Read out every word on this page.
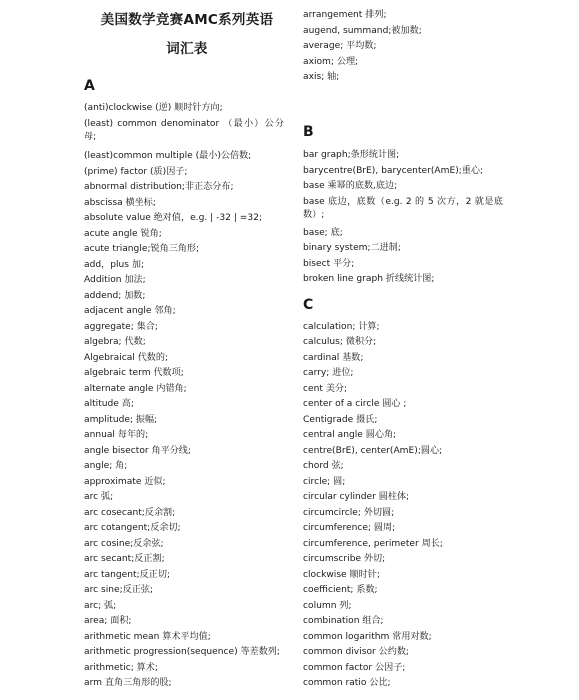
美国数学竞赛AMC系列英语
词汇表
A
(anti)clockwise (逆) 顺时针方向;
(least) common denominator （最小）公分母;
(least)common multiple (最小)公倍数;
(prime) factor (质)因子;
abnormal distribution;非正态分布;
abscissa 横坐标;
absolute value 绝对值，e.g. | -32 | =32;
acute angle 锐角;
acute triangle;锐角三角形;
add，plus 加;
Addition 加法;
addend; 加数;
adjacent angle 邻角;
aggregate; 集合;
algebra; 代数;
Algebraical 代数的;
algebraic term 代数项;
alternate angle 内错角;
altitude 高;
amplitude; 振幅;
annual 每年的;
angle bisector 角平分线;
angle; 角;
approximate 近似;
arc 弧;
arc cosecant;反余割;
arc cotangent;反余切;
arc cosine;反余弦;
arc secant;反正割;
arc tangent;反正切;
arc sine;反正弦;
arc; 弧;
area; 面积;
arithmetic mean 算术平均值;
arithmetic progression(sequence) 等差数列;
arithmetic; 算术;
arm 直角三角形的股;
arrangement 排列;
augend, summand;被加数;
average; 平均数;
axiom; 公理;
axis; 轴;
B
bar graph;条形统计图;
barycentre(BrE), barycenter(AmE);重心;
base 乘幂的底数,底边;
base 底边，底数（e.g. 2 的 5 次方，2 就是底数）;
base; 底;
binary system;二进制;
bisect 平分;
broken line graph 折线统计图;
C
calculation; 计算;
calculus; 微积分;
cardinal 基数;
carry; 进位;
cent 美分;
center of a circle 圆心 ;
Centigrade 摄氏;
central angle 圆心角;
centre(BrE), center(AmE);圆心;
chord 弦;
circle; 圆;
circular cylinder 圆柱体;
circumcircle; 外切圆;
circumference; 圆周;
circumference, perimeter 周长;
circumscribe 外切;
clockwise 顺时针;
coefficient; 系数;
column 列;
combination 组合;
common logarithm 常用对数;
common divisor 公约数;
common factor 公因子;
common ratio 公比;
